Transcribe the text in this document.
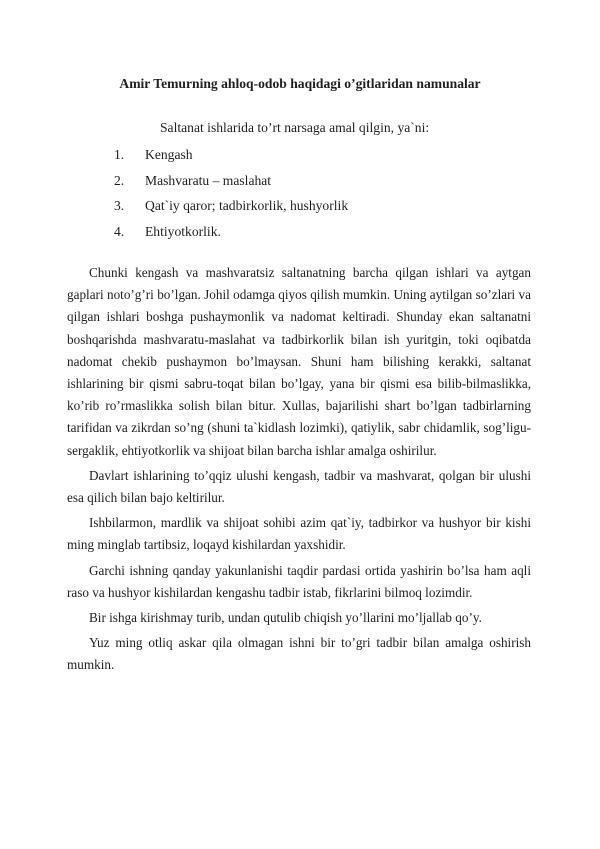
Amir Temurning ahloq-odob haqidagi o’gitlaridan namunalar
Saltanat ishlarida to’rt narsaga amal qilgin, ya`ni:
1. Kengash
2. Mashvaratu – maslahat
3. Qat`iy qaror; tadbirkorlik, hushyorlik
4. Ehtiyotkorlik.

Chunki kengash va mashvaratsiz saltanatning barcha qilgan ishlari va aytgan gaplari noto’g’ri bo’lgan. Johil odamga qiyos qilish mumkin. Uning aytilgan so’zlari va qilgan ishlari boshga pushaymonlik va nadomat keltiradi. Shunday ekan saltanatni boshqarishda mashvaratu-maslahat va tadbirkorlik bilan ish yuritgin, toki oqibatda nadomat chekib pushaymon bo’lmaysan. Shuni ham bilishing kerakki, saltanat ishlarining bir qismi sabru-toqat bilan bo’lgay, yana bir qismi esa bilib-bilmaslikka, ko’rib ro’rmaslikka solish bilan bitur. Xullas, bajarilishi shart bo’lgan tadbirlarning tarifidan va zikrdan so’ng (shuni ta`kidlash lozimki), qatiylik, sabr chidamlik, sog’ligu-sergaklik, ehtiyotkorlik va shijoat bilan barcha ishlar amalga oshirilur.

Davlart ishlarining to’qqiz ulushi kengash, tadbir va mashvarat, qolgan bir ulushi esa qilich bilan bajo keltirilur.

Ishbilarmon, mardlik va shijoat sohibi azim qat`iy, tadbirkor va hushyor bir kishi ming minglab tartibsiz, loqayd kishilardan yaxshidir.

Garchi ishning qanday yakunlanishi taqdir pardasi ortida yashirin bo’lsa ham aqli raso va hushyor kishilardan kengashu tadbir istab, fikrlarini bilmoq lozimdir.

Bir ishga kirishmay turib, undan qutulib chiqish yo’llarini mo’ljallab qo’y.

Yuz ming otliq askar qila olmagan ishni bir to’gri tadbir bilan amalga oshirish mumkin.
